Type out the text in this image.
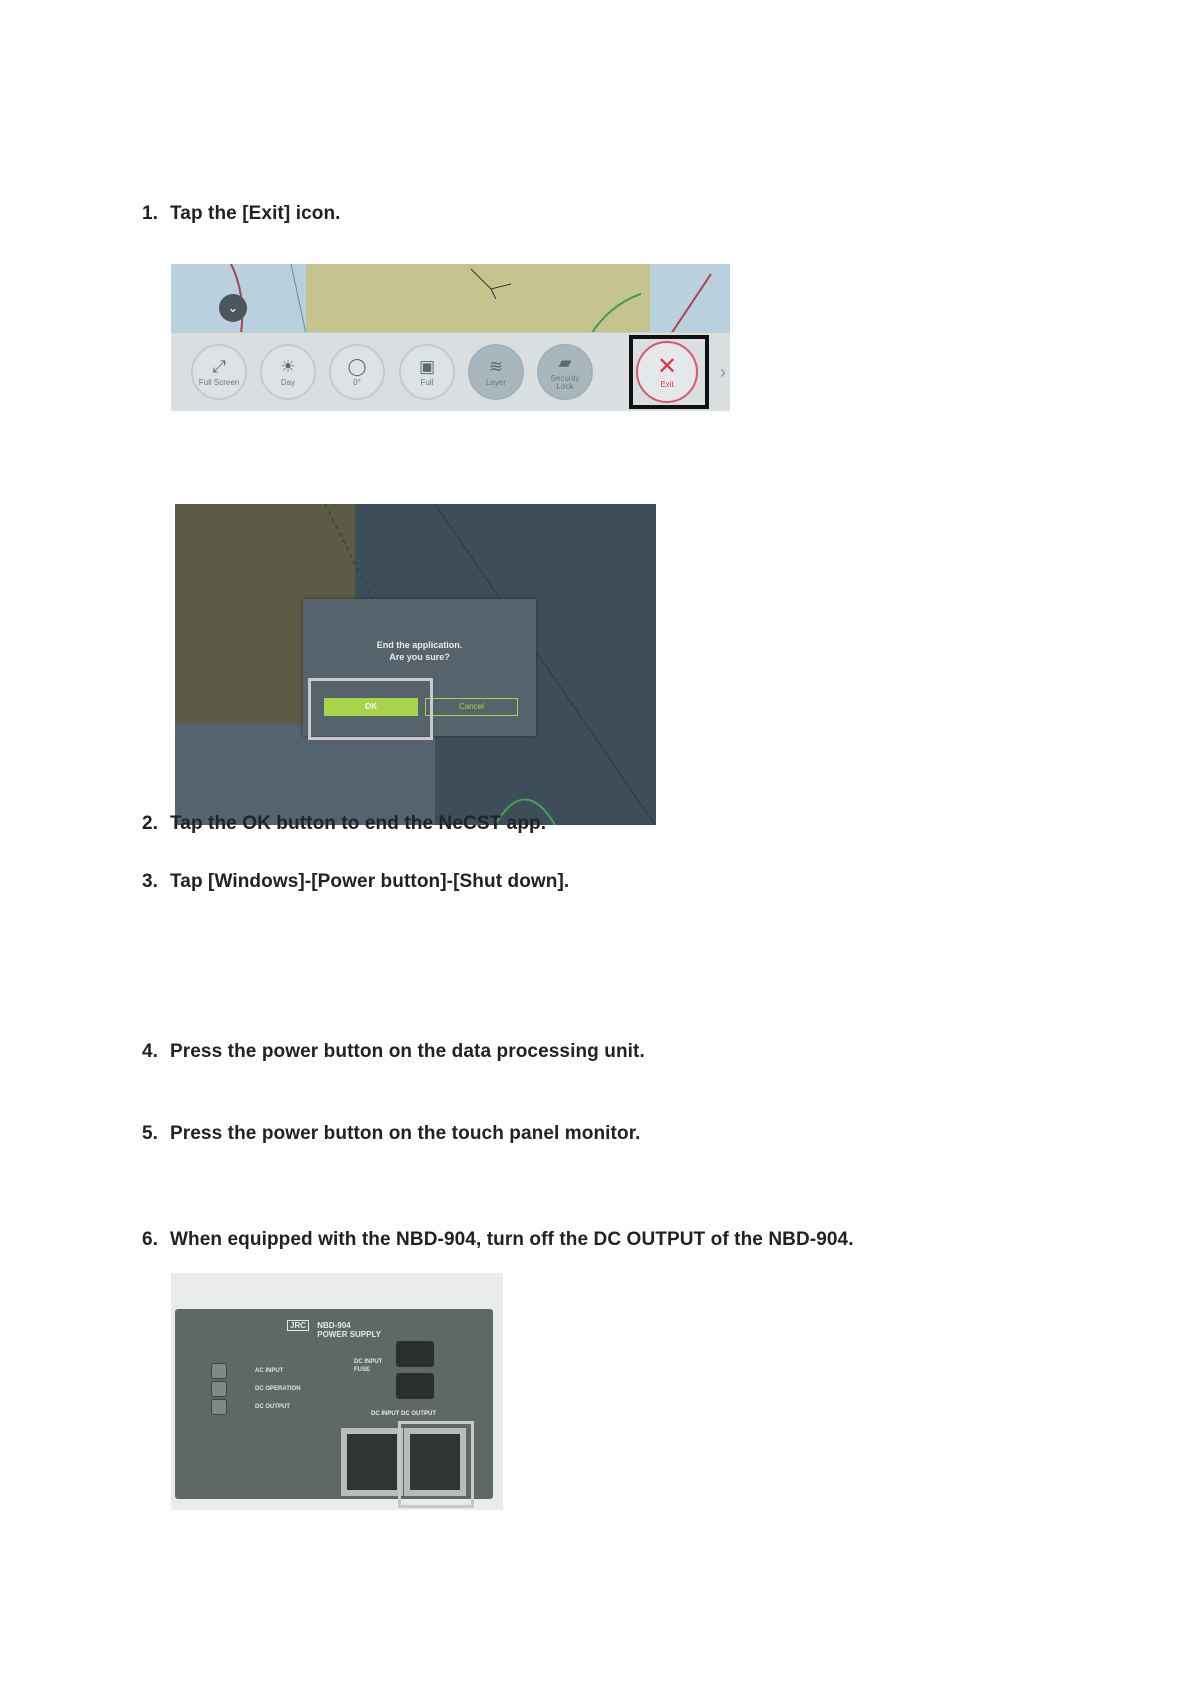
1. Tap the [Exit] icon.
⌄
⤢
Full Screen
☀
Day
◯
0°
▣
Full
≋
Layer
▰
Security Lock
✕
Exit
›
End the application.
Are you sure?
OK	Cancel
2. Tap the OK button to end the NeCST app.
3. Tap [Windows]-[Power button]-[Shut down].
4. Press the power button on the data processing unit.
5. Press the power button on the touch panel monitor.
6. When equipped with the NBD-904, turn off the DC OUTPUT of the NBD-904.
JRC NBD-904
POWER SUPPLY
AC INPUT
DC OPERATION
DC OUTPUT
DC INPUT FUSE
DC INPUT DC OUTPUT
